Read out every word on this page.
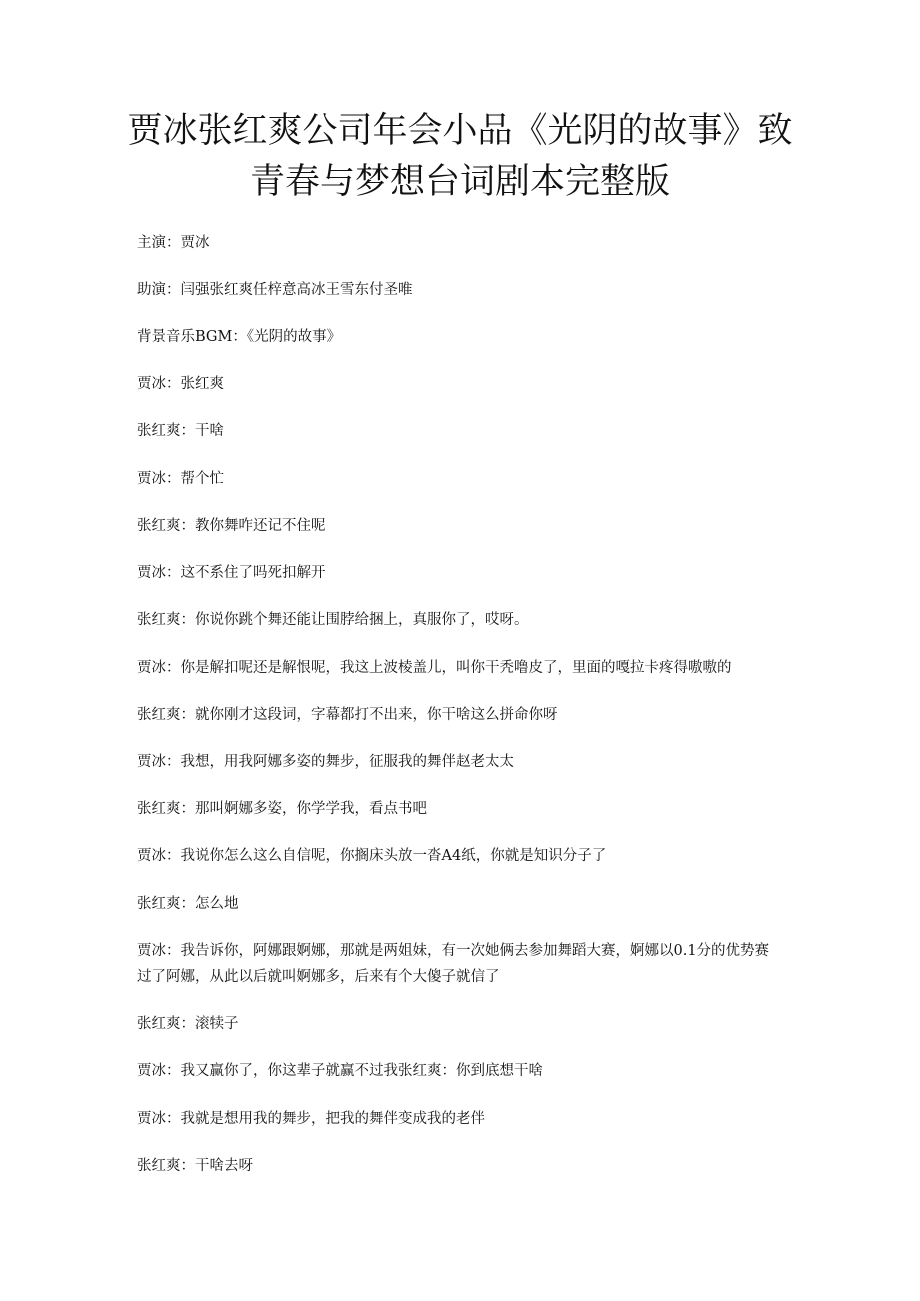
贾冰张红爽公司年会小品《光阴的故事》致
青春与梦想台词剧本完整版

主演：贾冰

助演：闫强张红爽任梓意高冰王雪东付圣唯

背景音乐BGM：《光阴的故事》

贾冰：张红爽

张红爽：干啥

贾冰：帮个忙

张红爽：教你舞咋还记不住呢

贾冰：这不系住了吗死扣解开

张红爽：你说你跳个舞还能让围脖给捆上，真服你了，哎呀。

贾冰：你是解扣呢还是解恨呢，我这上波棱盖儿，叫你干秃噜皮了，里面的嘎拉卡疼得嗷嗷的

张红爽：就你刚才这段词，字幕都打不出来，你干啥这么拼命你呀

贾冰：我想，用我阿娜多姿的舞步，征服我的舞伴赵老太太

张红爽：那叫婀娜多姿，你学学我，看点书吧

贾冰：我说你怎么这么自信呢，你搁床头放一沓A4纸，你就是知识分子了

张红爽：怎么地

贾冰：我告诉你，阿娜跟婀娜，那就是两姐妹，有一次她俩去参加舞蹈大赛，婀娜以0.1分的优势赛过了阿娜，从此以后就叫婀娜多，后来有个大傻子就信了

张红爽：滚犊子

贾冰：我又赢你了，你这辈子就赢不过我张红爽：你到底想干啥

贾冰：我就是想用我的舞步，把我的舞伴变成我的老伴

张红爽：干啥去呀
